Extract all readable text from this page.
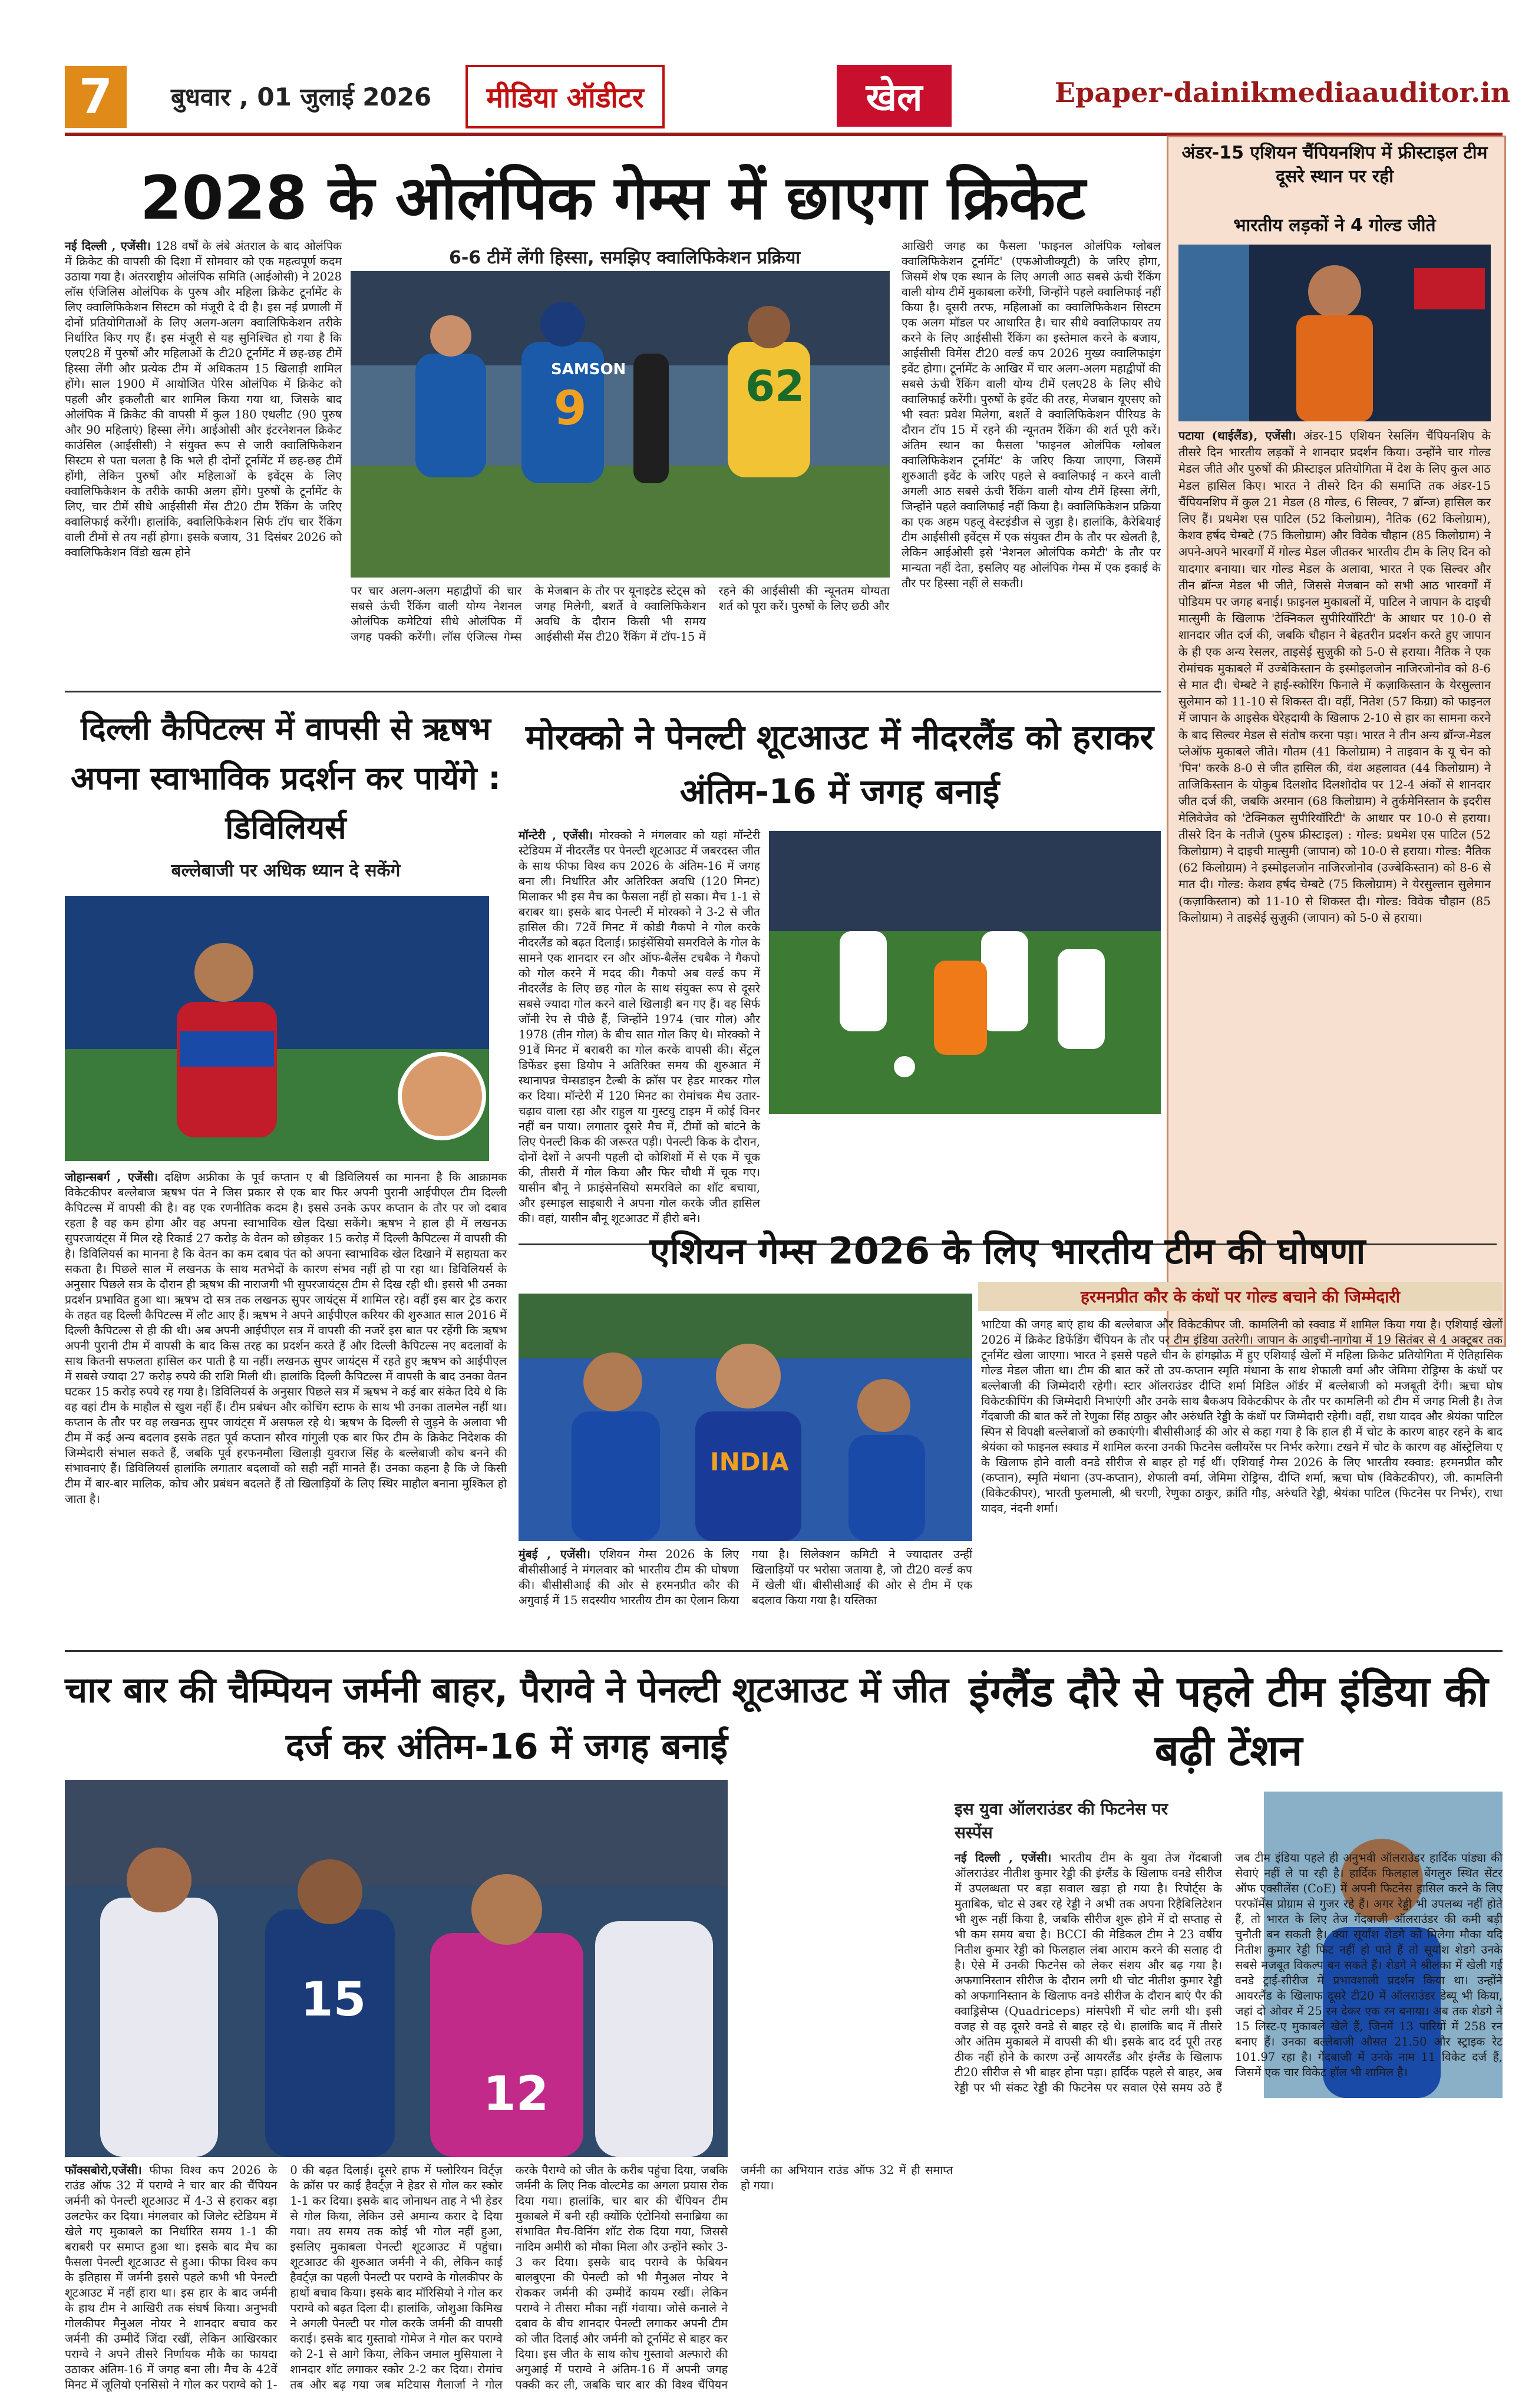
7	बुधवार , 01 जुलाई 2026	मीडिया ऑडीटर	खेल	Epaper-dainikmediaauditor.in
2028 के ओलंपिक गेम्स में छाएगा क्रिकेट
6-6 टीमें लेंगी हिस्सा, समझिए क्वालिफिकेशन प्रक्रिया
नई दिल्ली , एजेंसी। 128 वर्षों के लंबे अंतराल के बाद ओलंपिक में क्रिकेट की वापसी की दिशा में सोमवार को एक महत्वपूर्ण कदम उठाया गया है। अंतरराष्ट्रीय ओलंपिक समिति (आईओसी) ने 2028 लॉस एंजिलिस ओलंपिक के पुरुष और महिला क्रिकेट टूर्नामेंट के लिए क्वालिफिकेशन सिस्टम को मंजूरी दे दी है। इस नई प्रणाली में दोनों प्रतियोगिताओं के लिए अलग-अलग क्वालिफिकेशन तरीके निर्धारित किए गए हैं। इस मंजूरी से यह सुनिश्चित हो गया है कि एलए28 में पुरुषों और महिलाओं के टी20 टूर्नामेंट में छह-छह टीमें हिस्सा लेंगी और प्रत्येक टीम में अधिकतम 15 खिलाड़ी शामिल होंगे। साल 1900 में आयोजित पेरिस ओलंपिक में क्रिकेट को पहली और इकलौती बार शामिल किया गया था, जिसके बाद ओलंपिक में क्रिकेट की वापसी में कुल 180 एथलीट (90 पुरुष और 90 महिलाएं) हिस्सा लेंगे। आईओसी और इंटरनेशनल क्रिकेट काउंसिल (आईसीसी) ने संयुक्त रूप से जारी क्वालिफिकेशन सिस्टम से पता चलता है कि भले ही दोनों टूर्नामेंट में छह-छह टीमें होंगी, लेकिन पुरुषों और महिलाओं के इवेंट्स के लिए क्वालिफिकेशन के तरीके काफी अलग होंगे। पुरुषों के टूर्नामेंट के लिए, चार टीमें सीधे आईसीसी मेंस टी20 टीम रैंकिंग के जरिए क्वालिफाई करेंगी। हालांकि, क्वालिफिकेशन सिर्फ टॉप चार रैंकिंग वाली टीमों से तय नहीं होगा। इसके बजाय, 31 दिसंबर 2026 को क्वालिफिकेशन विंडो खत्म होने
SAMSON
9	62
पर चार अलग-अलग महाद्वीपों की चार सबसे ऊंची रैंकिंग वाली योग्य नेशनल ओलंपिक कमेटियां सीधे ओलंपिक में जगह पक्की करेंगी। लॉस एंजिल्स गेम्स के मेजबान के तौर पर यूनाइटेड स्टेट्स को जगह मिलेगी, बशर्ते वे क्वालिफिकेशन अवधि के दौरान किसी भी समय आईसीसी मेंस टी20 रैंकिंग में टॉप-15 में रहने की आईसीसी की न्यूनतम योग्यता शर्त को पूरा करें। पुरुषों के लिए छठी और
आखिरी जगह का फैसला 'फाइनल ओलंपिक ग्लोबल क्वालिफिकेशन टूर्नामेंट' (एफओजीक्यूटी) के जरिए होगा, जिसमें शेष एक स्थान के लिए अगली आठ सबसे ऊंची रैंकिंग वाली योग्य टीमें मुकाबला करेंगी, जिन्होंने पहले क्वालिफाई नहीं किया है। दूसरी तरफ, महिलाओं का क्वालिफिकेशन सिस्टम एक अलग मॉडल पर आधारित है। चार सीधे क्वालिफायर तय करने के लिए आईसीसी रैंकिंग का इस्तेमाल करने के बजाय, आईसीसी विमेंस टी20 वर्ल्ड कप 2026 मुख्य क्वालिफाइंग इवेंट होगा। टूर्नामेंट के आखिर में चार अलग-अलग महाद्वीपों की सबसे ऊंची रैंकिंग वाली योग्य टीमें एलए28 के लिए सीधे क्वालिफाई करेंगी। पुरुषों के इवेंट की तरह, मेजबान यूएसए को भी स्वतः प्रवेश मिलेगा, बशर्ते वे क्वालिफिकेशन पीरियड के दौरान टॉप 15 में रहने की न्यूनतम रैंकिंग की शर्त पूरी करें। अंतिम स्थान का फैसला 'फाइनल ओलंपिक ग्लोबल क्वालिफिकेशन टूर्नामेंट' के जरिए किया जाएगा, जिसमें शुरुआती इवेंट के जरिए पहले से क्वालिफाई न करने वाली अगली आठ सबसे ऊंची रैंकिंग वाली योग्य टीमें हिस्सा लेंगी, जिन्होंने पहले क्वालिफाई नहीं किया है। क्वालिफिकेशन प्रक्रिया का एक अहम पहलू वेस्टइंडीज से जुड़ा है। हालांकि, कैरेबियाई टीम आईसीसी इवेंट्स में एक संयुक्त टीम के तौर पर खेलती है, लेकिन आईओसी इसे 'नेशनल ओलंपिक कमेटी' के तौर पर मान्यता नहीं देता, इसलिए यह ओलंपिक गेम्स में एक इकाई के तौर पर हिस्सा नहीं ले सकती।
अंडर-15 एशियन चैंपियनशिप में फ्रीस्टाइल टीम दूसरे स्थान पर रही
भारतीय लड़कों ने 4 गोल्ड जीते
पटाया (थाईलैंड), एजेंसी। अंडर-15 एशियन रेसलिंग चैंपियनशिप के तीसरे दिन भारतीय लड़कों ने शानदार प्रदर्शन किया। उन्होंने चार गोल्ड मेडल जीते और पुरुषों की फ्रीस्टाइल प्रतियोगिता में देश के लिए कुल आठ मेडल हासिल किए। भारत ने तीसरे दिन की समाप्ति तक अंडर-15 चैंपियनशिप में कुल 21 मेडल (8 गोल्ड, 6 सिल्वर, 7 ब्रॉन्ज) हासिल कर लिए हैं। प्रथमेश एस पाटिल (52 किलोग्राम), नैतिक (62 किलोग्राम), केशव हर्षद चेम्बटे (75 किलोग्राम) और विवेक चौहान (85 किलोग्राम) ने अपने-अपने भारवर्गों में गोल्ड मेडल जीतकर भारतीय टीम के लिए दिन को यादगार बनाया। चार गोल्ड मेडल के अलावा, भारत ने एक सिल्वर और तीन ब्रॉन्ज मेडल भी जीते, जिससे मेजबान को सभी आठ भारवर्गों में पोडियम पर जगह बनाई। फ़ाइनल मुकाबलों में, पाटिल ने जापान के दाइची मात्सुमी के खिलाफ 'टेक्निकल सुपीरियॉरिटी' के आधार पर 10-0 से शानदार जीत दर्ज की, जबकि चौहान ने बेहतरीन प्रदर्शन करते हुए जापान के ही एक अन्य रेसलर, ताइसेई सुज़ुकी को 5-0 से हराया। नैतिक ने एक रोमांचक मुकाबले में उज्बेकिस्तान के इस्मोइलजोन नाजिरजोनोव को 8-6 से मात दी। चेम्बटे ने हाई-स्कोरिंग फिनाले में कज़ाकिस्तान के येरसुल्तान सुलेमान को 11-10 से शिकस्त दी। वहीं, नितेश (57 किग्रा) को फाइनल में जापान के आइसेक घेरेहदायी के खिलाफ 2-10 से हार का सामना करने के बाद सिल्वर मेडल से संतोष करना पड़ा। भारत ने तीन अन्य ब्रॉन्ज-मेडल प्लेऑफ मुकाबले जीते। गौतम (41 किलोग्राम) ने ताइवान के यू चेन को 'पिन' करके 8-0 से जीत हासिल की, वंश अहलावत (44 किलोग्राम) ने ताजिकिस्तान के योकुब दिलशोद दिलशोदोव पर 12-4 अंकों से शानदार जीत दर्ज की, जबकि अरमान (68 किलोग्राम) ने तुर्कमेनिस्तान के इदरीस मेलिवेजेव को 'टेक्निकल सुपीरियॉरिटी' के आधार पर 10-0 से हराया। तीसरे दिन के नतीजे (पुरुष फ्रीस्टाइल) : गोल्ड: प्रथमेश एस पाटिल (52 किलोग्राम) ने दाइची मात्सुमी (जापान) को 10-0 से हराया। गोल्ड: नैतिक (62 किलोग्राम) ने इस्मोइलजोन नाजिरजोनोव (उज्बेकिस्तान) को 8-6 से मात दी। गोल्ड: केशव हर्षद चेम्बटे (75 किलोग्राम) ने येरसुल्तान सुलेमान (कज़ाकिस्तान) को 11-10 से शिकस्त दी। गोल्ड: विवेक चौहान (85 किलोग्राम) ने ताइसेई सुज़ुकी (जापान) को 5-0 से हराया।
दिल्ली कैपिटल्स में वापसी से ऋषभ अपना स्वाभाविक प्रदर्शन कर पायेंगे : डिविलियर्स
बल्लेबाजी पर अधिक ध्यान दे सकेंगे
जोहान्सबर्ग , एजेंसी। दक्षिण अफ्रीका के पूर्व कप्तान ए बी डिविलियर्स का मानना है कि आक्रामक विकेटकीपर बल्लेबाज ऋषभ पंत ने जिस प्रकार से एक बार फिर अपनी पुरानी आईपीएल टीम दिल्ली कैपिटल्स में वापसी की है। वह एक रणनीतिक कदम है। इससे उनके ऊपर कप्तान के तौर पर जो दबाव रहता है वह कम होगा और वह अपना स्वाभाविक खेल दिखा सकेंगे। ऋषभ ने हाल ही में लखनऊ सुपरजायंट्स में मिल रहे रिकार्ड 27 करोड़ के वेतन को छोड़कर 15 करोड़ में दिल्ली कैपिटल्स में वापसी की है। डिविलियर्स का मानना है कि वेतन का कम दबाव पंत को अपना स्वाभाविक खेल दिखाने में सहायता कर सकता है। पिछले साल में लखनऊ के साथ मतभेदों के कारण संभव नहीं हो पा रहा था। डिविलियर्स के अनुसार पिछले सत्र के दौरान ही ऋषभ की नाराजगी भी सुपरजायंट्स टीम से दिख रही थी। इससे भी उनका प्रदर्शन प्रभावित हुआ था। ऋषभ दो सत्र तक लखनऊ सुपर जायंट्स में शामिल रहे। वहीं इस बार ट्रेड करार के तहत वह दिल्ली कैपिटल्स में लौट आए हैं। ऋषभ ने अपने आईपीएल करियर की शुरुआत साल 2016 में दिल्ली कैपिटल्स से ही की थी। अब अपनी आईपीएल सत्र में वापसी की नजरें इस बात पर रहेंगी कि ऋषभ अपनी पुरानी टीम में वापसी के बाद किस तरह का प्रदर्शन करते हैं और दिल्ली कैपिटल्स नए बदलावों के साथ कितनी सफलता हासिल कर पाती है या नहीं। लखनऊ सुपर जायंट्स में रहते हुए ऋषभ को आईपीएल में सबसे ज्यादा 27 करोड़ रुपये की राशि मिली थी। हालांकि दिल्ली कैपिटल्स में वापसी के बाद उनका वेतन घटकर 15 करोड़ रुपये रह गया है। डिविलियर्स के अनुसार पिछले सत्र में ऋषभ ने कई बार संकेत दिये थे कि वह वहां टीम के माहौल से खुश नहीं हैं। टीम प्रबंधन और कोचिंग स्टाफ के साथ भी उनका तालमेल नहीं था। कप्तान के तौर पर वह लखनऊ सुपर जायंट्स में असफल रहे थे। ऋषभ के दिल्ली से जुड़ने के अलावा भी टीम में कई अन्य बदलाव इसके तहत पूर्व कप्तान सौरव गांगुली एक बार फिर टीम के क्रिकेट निदेशक की जिम्मेदारी संभाल सकते हैं, जबकि पूर्व हरफनमौला खिलाड़ी युवराज सिंह के बल्लेबाजी कोच बनने की संभावनाएं हैं। डिविलियर्स हालांकि लगातार बदलावों को सही नहीं मानते हैं। उनका कहना है कि जे किसी टीम में बार-बार मालिक, कोच और प्रबंधन बदलते हैं तो खिलाड़ियों के लिए स्थिर माहौल बनाना मुश्किल हो जाता है।
मोरक्को ने पेनल्टी शूटआउट में नीदरलैंड को हराकर अंतिम-16 में जगह बनाई
मॉन्टेरी , एजेंसी। मोरक्को ने मंगलवार को यहां मॉन्टेरी स्टेडियम में नीदरलैंड पर पेनल्टी शूटआउट में जबरदस्त जीत के साथ फीफा विश्व कप 2026 के अंतिम-16 में जगह बना ली। निर्धारित और अतिरिक्त अवधि (120 मिनट) मिलाकर भी इस मैच का फैसला नहीं हो सका। मैच 1-1 से बराबर था। इसके बाद पेनल्टी में मोरक्को ने 3-2 से जीत हासिल की। 72वें मिनट में कोडी गैकपो ने गोल करके नीदरलैंड को बढ़त दिलाई। फ्राइंसेंसियो समरविले के गोल के सामने एक शानदार रन और ऑफ-बैलेंस टचबैक ने गैकपो को गोल करने में मदद की। गैकपो अब वर्ल्ड कप में नीदरलैंड के लिए छह गोल के साथ संयुक्त रूप से दूसरे सबसे ज्यादा गोल करने वाले खिलाड़ी बन गए हैं। वह सिर्फ जॉनी रेप से पीछे हैं, जिन्होंने 1974 (चार गोल) और 1978 (तीन गोल) के बीच सात गोल किए थे। मोरक्को ने 91वें मिनट में बराबरी का गोल करके वापसी की। सेंट्रल डिफेंडर इसा डियोप ने अतिरिक्त समय की शुरुआत में स्थानापन्न चेम्सडाइन टैल्बी के क्रॉस पर हेडर मारकर गोल कर दिया। मॉन्टेरी में 120 मिनट का रोमांचक मैच उतार-चढ़ाव वाला रहा और राहुल या गुस्टवु टाइम में कोई विनर नहीं बन पाया। लगातार दूसरे मैच में, टीमों को बांटने के लिए पेनल्टी किक की जरूरत पड़ी। पेनल्टी किक के दौरान, दोनों देशों ने अपनी पहली दो कोशिशों में से एक में चूक की, तीसरी में गोल किया और फिर चौथी में चूक गए। यासीन बौनू ने फ्राइंसेनसियो समरविले का शॉट बचाया, और इस्माइल साइबारी ने अपना गोल करके जीत हासिल की। वहां, यासीन बौनू शूटआउट में हीरो बने।
एशियन गेम्स 2026 के लिए भारतीय टीम की घोषणा
हरमनप्रीत कौर के कंधों पर गोल्ड बचाने की जिम्मेदारी
INDIA
मुंबई , एजेंसी। एशियन गेम्स 2026 के लिए बीसीसीआई ने मंगलवार को भारतीय टीम की घोषणा की। बीसीसीआई की ओर से हरमनप्रीत कौर की अगुवाई में 15 सदस्यीय भारतीय टीम का ऐलान किया गया है। सिलेक्शन कमिटी ने ज्यादातर उन्हीं खिलाड़ियों पर भरोसा जताया है, जो टी20 वर्ल्ड कप में खेली थीं। बीसीसीआई की ओर से टीम में एक बदलाव किया गया है। यस्तिका
भाटिया की जगह बाएं हाथ की बल्लेबाज और विकेटकीपर जी. कामलिनी को स्क्वाड में शामिल किया गया है। एशियाई खेलों 2026 में क्रिकेट डिफेंडिंग चैंपियन के तौर पर टीम इंडिया उतरेगी। जापान के आइची-नागोया में 19 सितंबर से 4 अक्टूबर तक टूर्नामेंट खेला जाएगा। भारत ने इससे पहले चीन के हांगझोऊ में हुए एशियाई खेलों में महिला क्रिकेट प्रतियोगिता में ऐतिहासिक गोल्ड मेडल जीता था। टीम की बात करें तो उप-कप्तान स्मृति मंधाना के साथ शेफाली वर्मा और जेमिमा रोड्रिग्स के कंधों पर बल्लेबाजी की जिम्मेदारी रहेगी। स्टार ऑलराउंडर दीप्ति शर्मा मिडिल ऑर्डर में बल्लेबाजी को मजबूती देंगी। ऋचा घोष विकेटकीपिंग की जिम्मेदारी निभाएंगी और उनके साथ बैकअप विकेटकीपर के तौर पर कामलिनी को टीम में जगह मिली है। तेज गेंदबाजी की बात करें तो रेणुका सिंह ठाकुर और अरुंधति रेड्डी के कंधों पर जिम्मेदारी रहेगी। वहीं, राधा यादव और श्रेयंका पाटिल स्पिन से विपक्षी बल्लेबाजों को छकाएंगी। बीसीसीआई की ओर से कहा गया है कि हाल ही में चोट के कारण बाहर रहने के बाद श्रेयंका को फाइनल स्क्वाड में शामिल करना उनकी फिटनेस क्लीयरेंस पर निर्भर करेगा। टखने में चोट के कारण वह ऑस्ट्रेलिया ए के खिलाफ होने वाली वनडे सीरीज से बाहर हो गई थीं। एशियाई गेम्स 2026 के लिए भारतीय स्क्वाड: हरमनप्रीत कौर (कप्तान), स्मृति मंधाना (उप-कप्तान), शेफाली वर्मा, जेमिमा रोड्रिग्स, दीप्ति शर्मा, ऋचा घोष (विकेटकीपर), जी. कामलिनी (विकेटकीपर), भारती फुलमाली, श्री चरणी, रेणुका ठाकुर, क्रांति गौड़, अरुंधति रेड्डी, श्रेयंका पाटिल (फिटनेस पर निर्भर), राधा यादव, नंदनी शर्मा।
चार बार की चैम्पियन जर्मनी बाहर, पैराग्वे ने पेनल्टी शूटआउट में जीत दर्ज कर अंतिम-16 में जगह बनाई
15
12
फॉक्सबोरो,एजेंसी। फीफा विश्व कप 2026 के राउंड ऑफ 32 में पराग्वे ने चार बार की चैंपियन जर्मनी को पेनल्टी शूटआउट में 4-3 से हराकर बड़ा उलटफेर कर दिया। मंगलवार को जिलेट स्टेडियम में खेले गए मुकाबले का निर्धारित समय 1-1 की बराबरी पर समाप्त हुआ था। इसके बाद मैच का फैसला पेनल्टी शूटआउट से हुआ। फीफा विश्व कप के इतिहास में जर्मनी इससे पहले कभी भी पेनल्टी शूटआउट में नहीं हारा था। इस हार के बाद जर्मनी के हाथ टीम ने आखिरी तक संघर्ष किया। अनुभवी गोलकीपर मैनुअल नोयर ने शानदार बचाव कर जर्मनी की उम्मीदें जिंदा रखीं, लेकिन आखिरकार पराग्वे ने अपने तीसरे निर्णायक मौके का फायदा उठाकर अंतिम-16 में जगह बना ली। मैच के 42वें मिनट में जूलियो एनसिसो ने गोल कर पराग्वे को 1-0 की बढ़त दिलाई। दूसरे हाफ में फ्लोरियन विर्ट्ज़ के क्रॉस पर काई हैवर्ट्ज़ ने हेडर से गोल कर स्कोर 1-1 कर दिया। इसके बाद जोनाथन ताह ने भी हेडर से गोल किया, लेकिन उसे अमान्य करार दे दिया गया। तय समय तक कोई भी गोल नहीं हुआ, इसलिए मुकाबला पेनल्टी शूटआउट में पहुंचा। शूटआउट की शुरुआत जर्मनी ने की, लेकिन काई हैवर्ट्ज़ का पहली पेनल्टी पर पराग्वे के गोलकीपर के हाथों बचाव किया। इसके बाद मॉरिसियो ने गोल कर पराग्वे को बढ़त दिला दी। हालांकि, जोशुआ किमिख ने अगली पेनल्टी पर गोल करके जर्मनी की वापसी कराई। इसके बाद गुस्तावो गोमेज ने गोल कर पराग्वे को 2-1 से आगे किया, लेकिन जमाल मुसियाला ने शानदार शॉट लगाकर स्कोर 2-2 कर दिया। रोमांच तब और बढ़ गया जब मटियास गैलार्जा ने गोल करके पैराग्वे को जीत के करीब पहुंचा दिया, जबकि जर्मनी के लिए निक वोल्टमेड का अगला प्रयास रोक दिया गया। हालांकि, चार बार की चैंपियन टीम मुकाबले में बनी रही क्योंकि एंटोनियो सनाब्रिया का संभावित मैच-विनिंग शॉट रोक दिया गया, जिससे नादिम अमीरी को मौका मिला और उन्होंने स्कोर 3-3 कर दिया। इसके बाद पराग्वे के फेबियन बालबुएना की पेनल्टी को भी मैनुअल नोयर ने रोककर जर्मनी की उम्मीदें कायम रखीं। लेकिन पराग्वे ने तीसरा मौका नहीं गंवाया। जोसे कनाले ने दबाव के बीच शानदार पेनल्टी लगाकर अपनी टीम को जीत दिलाई और जर्मनी को टूर्नामेंट से बाहर कर दिया। इस जीत के साथ कोच गुस्तावो अल्फारो की अगुआई में पराग्वे ने अंतिम-16 में अपनी जगह पक्की कर ली, जबकि चार बार की विश्व चैंपियन जर्मनी का अभियान राउंड ऑफ 32 में ही समाप्त हो गया।
इंग्लैंड दौरे से पहले टीम इंडिया की बढ़ी टेंशन
इस युवा ऑलराउंडर की फिटनेस पर सस्पेंस
नई दिल्ली , एजेंसी। भारतीय टीम के युवा तेज गेंदबाजी ऑलराउंडर नीतीश कुमार रेड्डी की इंग्लैंड के खिलाफ वनडे सीरीज में उपलब्धता पर बड़ा सवाल खड़ा हो गया है। रिपोर्ट्स के मुताबिक, चोट से उबर रहे रेड्डी ने अभी तक अपना रिहैबिलिटेशन भी शुरू नहीं किया है, जबकि सीरीज शुरू होने में दो सप्ताह से भी कम समय बचा है। BCCI की मेडिकल टीम ने 23 वर्षीय नितीश कुमार रेड्डी को फिलहाल लंबा आराम करने की सलाह दी है। ऐसे में उनकी फिटनेस को लेकर संशय और बढ़ गया है। अफगानिस्तान सीरीज के दौरान लगी थी चोट नीतीश कुमार रेड्डी को अफगानिस्तान के खिलाफ वनडे सीरीज के दौरान बाएं पैर की क्वाड्रिसेप्स (Quadriceps) मांसपेशी में चोट लगी थी। इसी वजह से वह दूसरे वनडे से बाहर रहे थे। हालांकि बाद में तीसरे और अंतिम मुकाबले में वापसी की थी। इसके बाद दर्द पूरी तरह ठीक नहीं होने के कारण उन्हें आयरलैंड और इंग्लैंड के खिलाफ टी20 सीरीज से भी बाहर होना पड़ा। हार्दिक पहले से बाहर, अब रेड्डी पर भी संकट रेड्डी की फिटनेस पर सवाल ऐसे समय उठे हैं जब टीम इंडिया पहले ही अनुभवी ऑलराउंडर हार्दिक पांड्या की सेवाएं नहीं ले पा रही है। हार्दिक फिलहाल बेंगलुरु स्थित सेंटर ऑफ एक्सीलेंस (CoE) में अपनी फिटनेस हासिल करने के लिए परफॉर्मेंस प्रोग्राम से गुजर रहे हैं। अगर रेड्डी भी उपलब्ध नहीं होते हैं, तो भारत के लिए तेज गेंदबाजी ऑलराउंडर की कमी बड़ी चुनौती बन सकती है। क्या सूर्यांश शेडगे को मिलेगा मौका यदि नितीश कुमार रेड्डी फिट नहीं हो पाते हैं तो सूर्यांश शेडगे उनके सबसे मजबूत विकल्प बन सकते हैं। शेडगे ने श्रीलंका में खेली गई वनडे ट्राई-सीरीज में प्रभावशाली प्रदर्शन किया था। उन्होंने आयरलैंड के खिलाफ दूसरे टी20 में ऑलराउंडर डेब्यू भी किया, जहां दो ओवर में 25 रन देकर एक रन बनाया। अब तक शेडगे ने 15 लिस्ट-ए मुकाबले खेले हैं, जिनमें 13 पारियों में 258 रन बनाए हैं। उनका बल्लेबाजी औसत 21.50 और स्ट्राइक रेट 101.97 रहा है। गेंदबाजी में उनके नाम 11 विकेट दर्ज हैं, जिसमें एक चार विकेट हॉल भी शामिल है।
